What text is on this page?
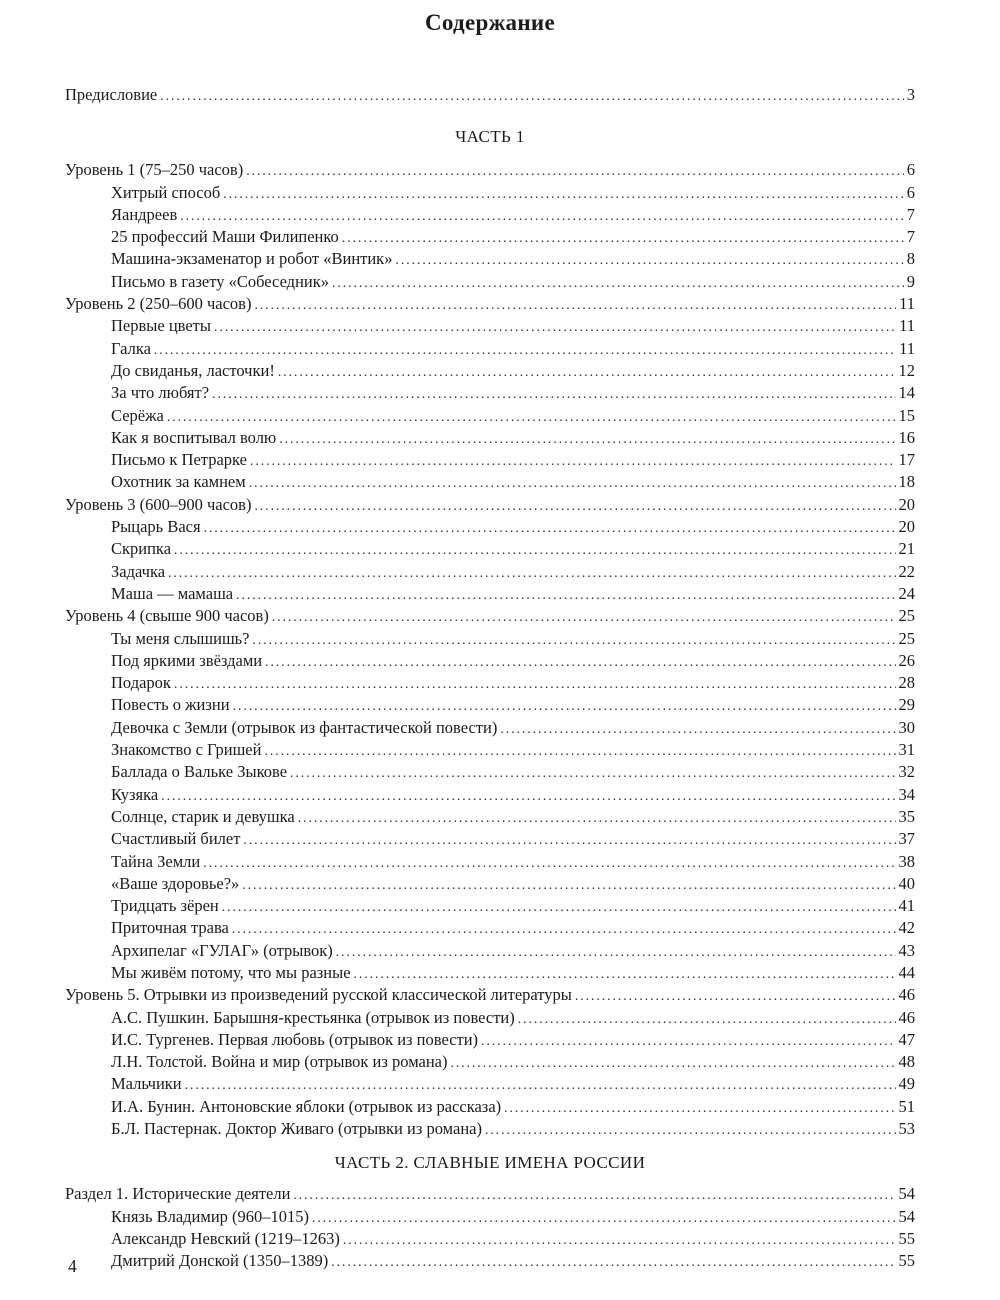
Содержание
Предисловие .....	3
ЧАСТЬ 1
Уровень 1 (75–250 часов) .....	6
Хитрый способ .....	6
Яандреев .....	7
25 профессий Маши Филипенко .....	7
Машина-экзаменатор и робот «Винтик» .....	8
Письмо в газету «Собеседник» .....	9
Уровень 2 (250–600 часов) .....	11
Первые цветы .....	11
Галка .....	11
До свиданья, ласточки! .....	12
За что любят? .....	14
Серёжа .....	15
Как я воспитывал волю .....	16
Письмо к Петрарке .....	17
Охотник за камнем .....	18
Уровень 3 (600–900 часов) .....	20
Рыцарь Вася .....	20
Скрипка .....	21
Задачка .....	22
Маша — мамаша .....	24
Уровень 4 (свыше 900 часов) .....	25
Ты меня слышишь? .....	25
Под яркими звёздами .....	26
Подарок .....	28
Повесть о жизни .....	29
Девочка с Земли (отрывок из фантастической повести) .....	30
Знакомство с Гришей .....	31
Баллада о Вальке Зыкове .....	32
Кузяка .....	34
Солнце, старик и девушка .....	35
Счастливый билет .....	37
Тайна Земли .....	38
«Ваше здоровье?» .....	40
Тридцать зёрен .....	41
Приточная трава .....	42
Архипелаг «ГУЛАГ» (отрывок) .....	43
Мы живём потому, что мы разные .....	44
Уровень 5. Отрывки из произведений русской классической литературы .....	46
А.С. Пушкин. Барышня-крестьянка (отрывок из повести) .....	46
И.С. Тургенев. Первая любовь (отрывок из повести) .....	47
Л.Н. Толстой. Война и мир (отрывок из романа) .....	48
Мальчики .....	49
И.А. Бунин. Антоновские яблоки (отрывок из рассказа) .....	51
Б.Л. Пастернак. Доктор Живаго (отрывки из романа) .....	53
ЧАСТЬ 2. СЛАВНЫЕ ИМЕНА РОССИИ
Раздел 1. Исторические деятели .....	54
Князь Владимир (960–1015) .....	54
Александр Невский (1219–1263) .....	55
Дмитрий Донской (1350–1389) .....	55
4
